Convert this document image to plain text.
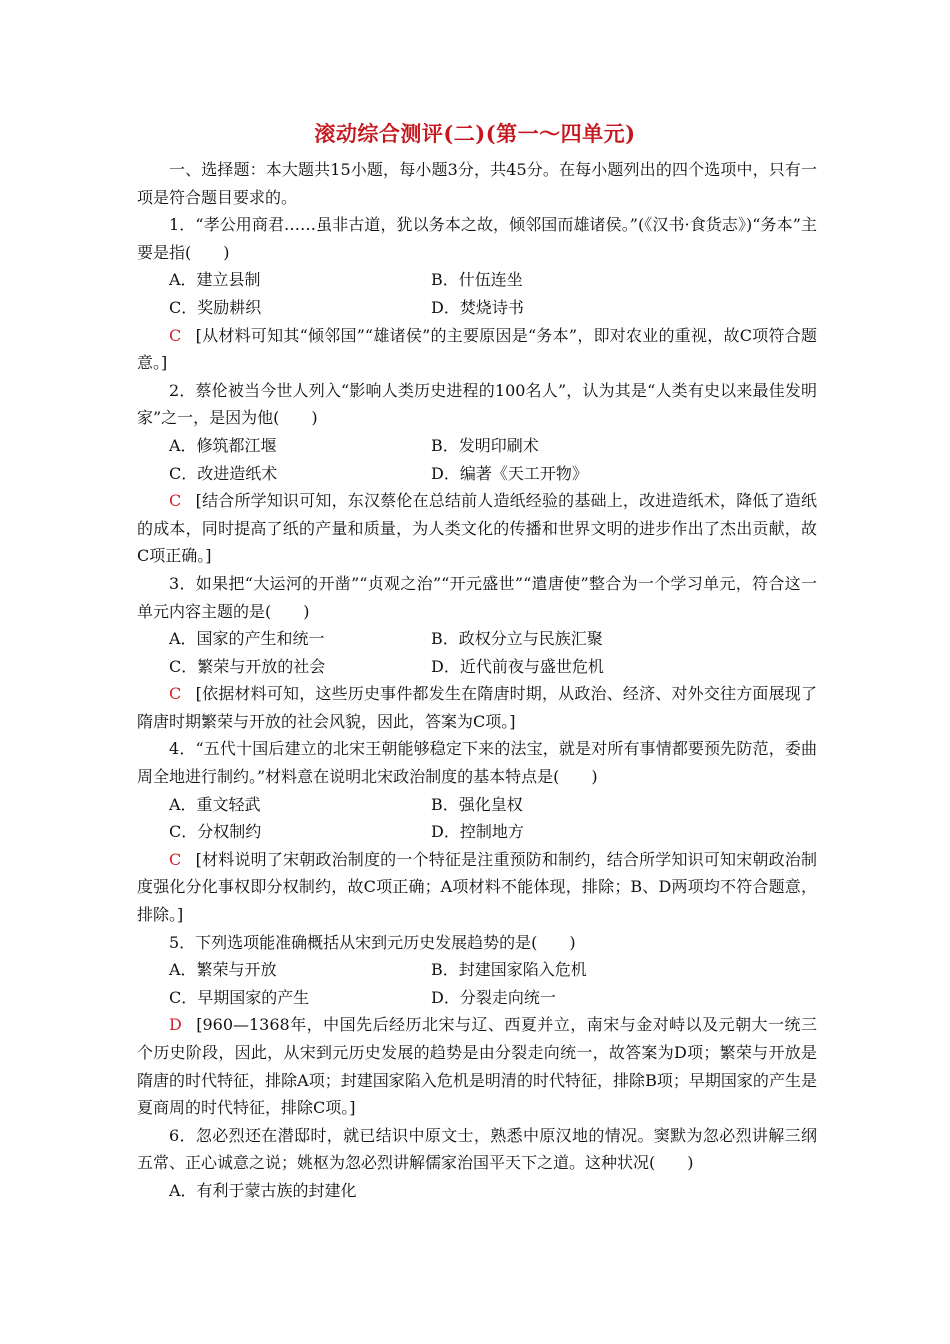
滚动综合测评(二)(第一～四单元)

一、选择题：本大题共15小题，每小题3分，共45分。在每小题列出的四个选项中，只有一项是符合题目要求的。

1．“孝公用商君……虽非古道，犹以务本之故，倾邻国而雄诸侯。”(《汉书·食货志》)“务本”主要是指(　　)

A．建立县制	B．什伍连坐
C．奖励耕织	D．焚烧诗书

C [从材料可知其“倾邻国”“雄诸侯”的主要原因是“务本”，即对农业的重视，故C项符合题意。]

2．蔡伦被当今世人列入“影响人类历史进程的100名人”，认为其是“人类有史以来最佳发明家”之一，是因为他(　　)

A．修筑都江堰	B．发明印刷术
C．改进造纸术	D．编著《天工开物》

C [结合所学知识可知，东汉蔡伦在总结前人造纸经验的基础上，改进造纸术，降低了造纸的成本，同时提高了纸的产量和质量，为人类文化的传播和世界文明的进步作出了杰出贡献，故C项正确。]

3．如果把“大运河的开凿”“贞观之治”“开元盛世”“遣唐使”整合为一个学习单元，符合这一单元内容主题的是(　　)

A．国家的产生和统一	B．政权分立与民族汇聚
C．繁荣与开放的社会	D．近代前夜与盛世危机

C [依据材料可知，这些历史事件都发生在隋唐时期，从政治、经济、对外交往方面展现了隋唐时期繁荣与开放的社会风貌，因此，答案为C项。]

4．“五代十国后建立的北宋王朝能够稳定下来的法宝，就是对所有事情都要预先防范，委曲周全地进行制约。”材料意在说明北宋政治制度的基本特点是(　　)

A．重文轻武	B．强化皇权
C．分权制约	D．控制地方

C [材料说明了宋朝政治制度的一个特征是注重预防和制约，结合所学知识可知宋朝政治制度强化分化事权即分权制约，故C项正确；A项材料不能体现，排除；B、D两项均不符合题意，排除。]

5．下列选项能准确概括从宋到元历史发展趋势的是(　　)

A．繁荣与开放	B．封建国家陷入危机
C．早期国家的产生	D．分裂走向统一

D [960—1368年，中国先后经历北宋与辽、西夏并立，南宋与金对峙以及元朝大一统三个历史阶段，因此，从宋到元历史发展的趋势是由分裂走向统一，故答案为D项；繁荣与开放是隋唐的时代特征，排除A项；封建国家陷入危机是明清的时代特征，排除B项；早期国家的产生是夏商周的时代特征，排除C项。]

6．忽必烈还在潜邸时，就已结识中原文士，熟悉中原汉地的情况。窦默为忽必烈讲解三纲五常、正心诚意之说；姚枢为忽必烈讲解儒家治国平天下之道。这种状况(　　)

A．有利于蒙古族的封建化
